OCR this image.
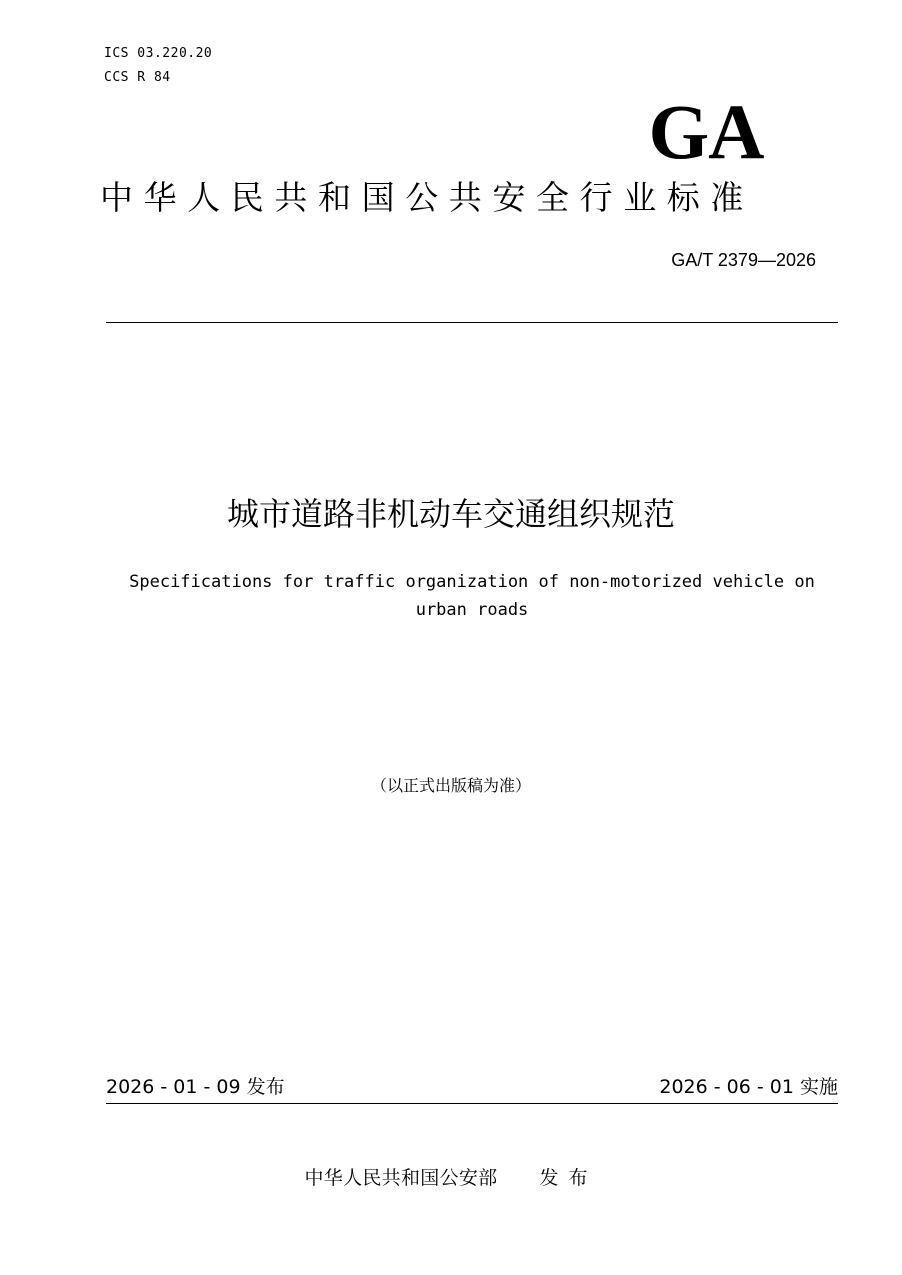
ICS 03.220.20
CCS R 84
GA
中华人民共和国公共安全行业标准
GA/T 2379—2026
城市道路非机动车交通组织规范
Specifications for traffic organization of non-motorized vehicle on urban roads
（以正式出版稿为准）
2026 - 01 - 09 发布	2026 - 06 - 01 实施
中华人民共和国公安部 发布
